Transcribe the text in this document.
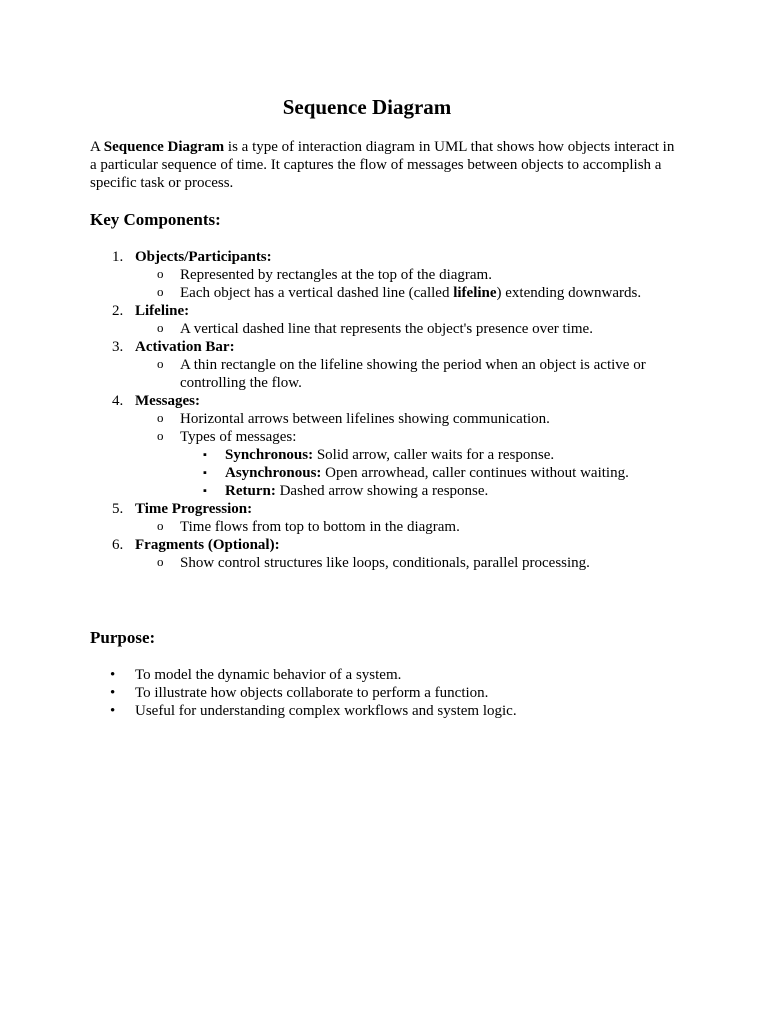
Sequence Diagram

A Sequence Diagram is a type of interaction diagram in UML that shows how objects interact in a particular sequence of time. It captures the flow of messages between objects to accomplish a specific task or process.

Key Components:
1. Objects/Participants:
o Represented by rectangles at the top of the diagram.
o Each object has a vertical dashed line (called lifeline) extending downwards.
2. Lifeline:
o A vertical dashed line that represents the object's presence over time.
3. Activation Bar:
o A thin rectangle on the lifeline showing the period when an object is active or controlling the flow.
4. Messages:
o Horizontal arrows between lifelines showing communication.
o Types of messages:
▪ Synchronous: Solid arrow, caller waits for a response.
▪ Asynchronous: Open arrowhead, caller continues without waiting.
▪ Return: Dashed arrow showing a response.
5. Time Progression:
o Time flows from top to bottom in the diagram.
6. Fragments (Optional):
o Show control structures like loops, conditionals, parallel processing.
Purpose:
• To model the dynamic behavior of a system.
• To illustrate how objects collaborate to perform a function.
• Useful for understanding complex workflows and system logic.
